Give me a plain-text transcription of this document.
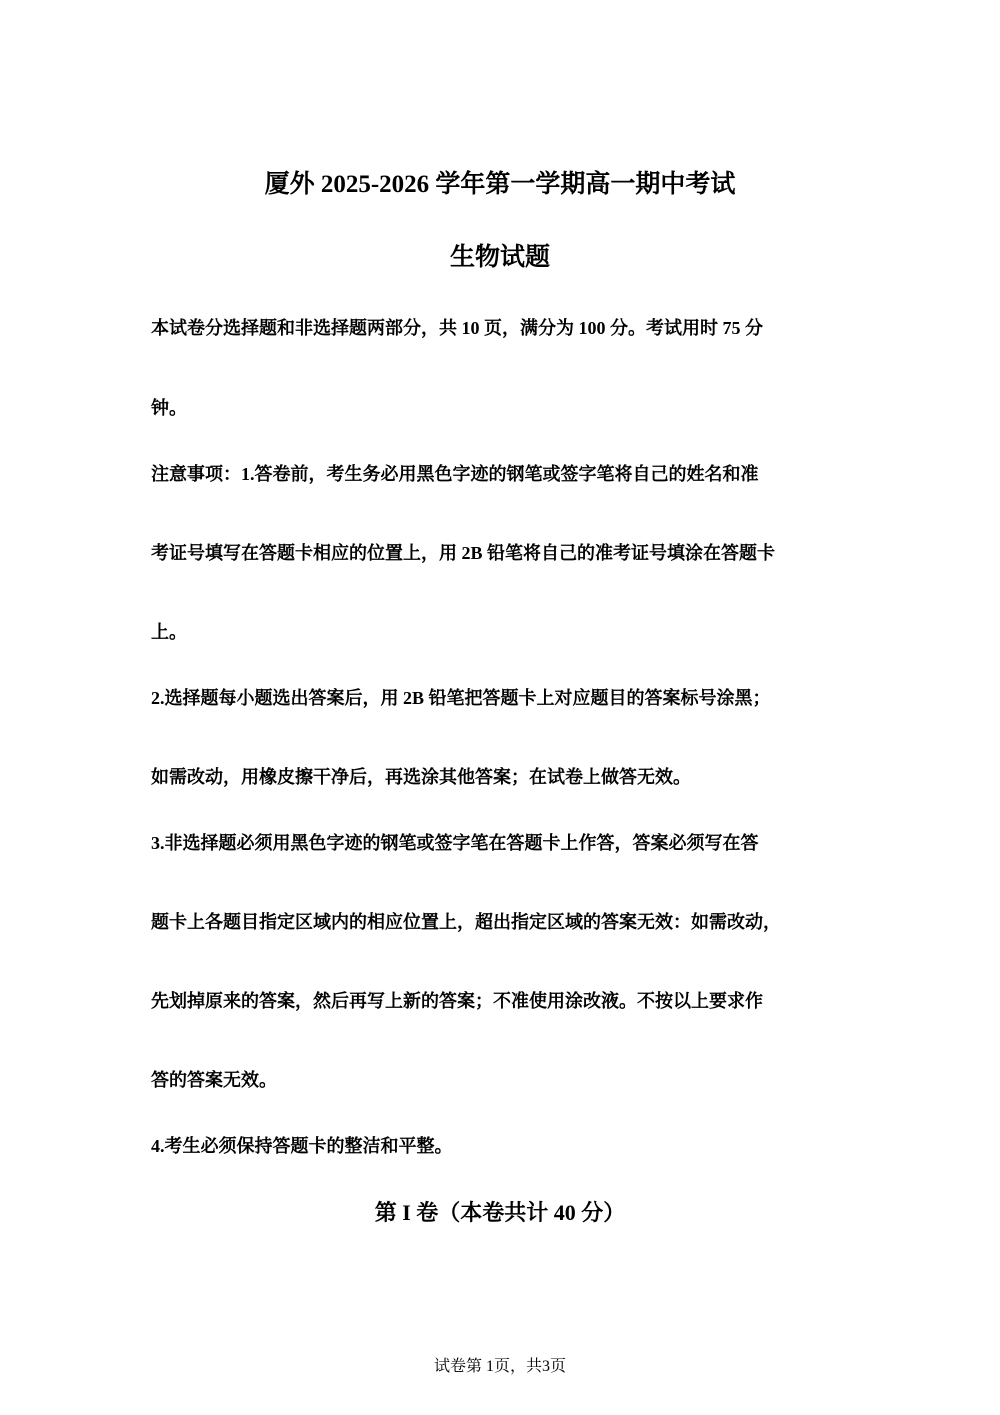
厦外 2025-2026 学年第一学期高一期中考试
生物试题
本试卷分选择题和非选择题两部分，共 10 页，满分为 100 分。考试用时 75 分
钟。
注意事项：1.答卷前，考生务必用黑色字迹的钢笔或签字笔将自己的姓名和准
考证号填写在答题卡相应的位置上，用 2B 铅笔将自己的准考证号填涂在答题卡
上。
2.选择题每小题选出答案后，用 2B 铅笔把答题卡上对应题目的答案标号涂黑；
如需改动，用橡皮擦干净后，再选涂其他答案；在试卷上做答无效。
3.非选择题必须用黑色字迹的钢笔或签字笔在答题卡上作答，答案必须写在答
题卡上各题目指定区域内的相应位置上，超出指定区域的答案无效：如需改动，
先划掉原来的答案，然后再写上新的答案；不准使用涂改液。不按以上要求作
答的答案无效。
4.考生必须保持答题卡的整洁和平整。
第 I 卷（本卷共计 40 分）
试卷第 1页，共3页
